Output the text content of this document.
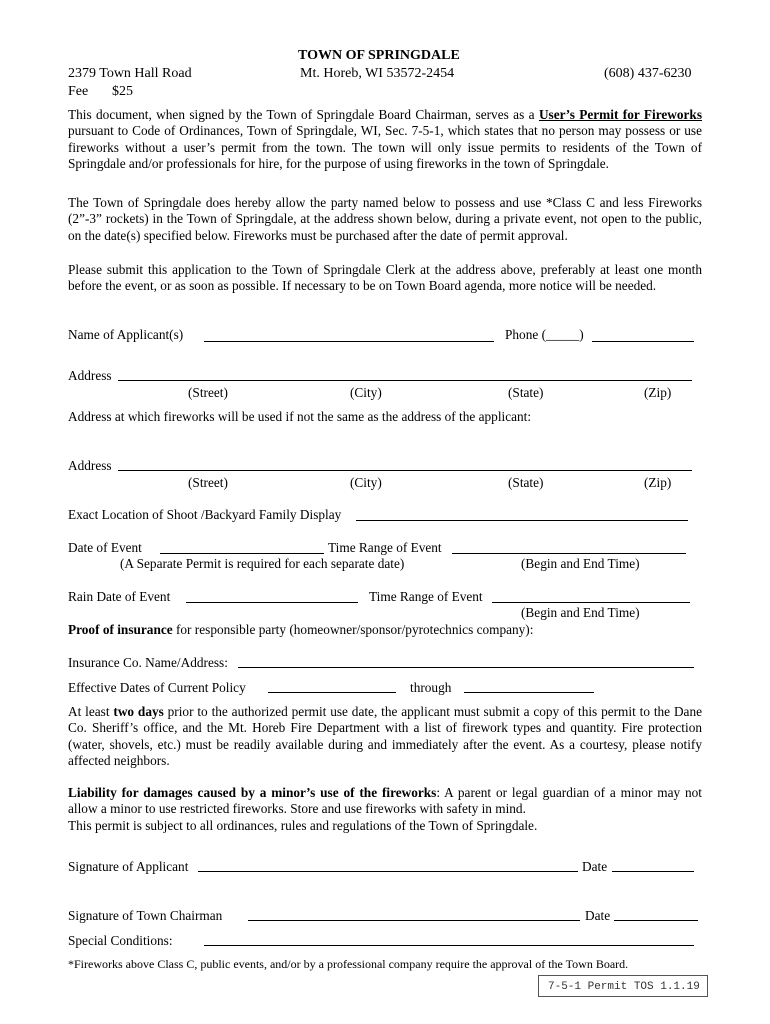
TOWN OF SPRINGDALE
2379 Town Hall Road	Mt. Horeb, WI 53572-2454	(608) 437-6230
Fee $25
This document, when signed by the Town of Springdale Board Chairman, serves as a User’s Permit for Fireworks pursuant to Code of Ordinances, Town of Springdale, WI, Sec. 7-5-1, which states that no person may possess or use fireworks without a user’s permit from the town. The town will only issue permits to residents of the Town of Springdale and/or professionals for hire, for the purpose of using fireworks in the town of Springdale.
The Town of Springdale does hereby allow the party named below to possess and use *Class C and less Fireworks (2”-3” rockets) in the Town of Springdale, at the address shown below, during a private event, not open to the public, on the date(s) specified below. Fireworks must be purchased after the date of permit approval.
Please submit this application to the Town of Springdale Clerk at the address above, preferably at least one month before the event, or as soon as possible. If necessary to be on Town Board agenda, more notice will be needed.
Name of Applicant(s)	Phone (_____)
Address
(Street)	(City)	(State)	(Zip)
Address at which fireworks will be used if not the same as the address of the applicant:
Address
(Street)	(City)	(State)	(Zip)
Exact Location of Shoot /Backyard Family Display
Date of Event	Time Range of Event
(A Separate Permit is required for each separate date)	(Begin and End Time)
Rain Date of Event	Time Range of Event
(Begin and End Time)
Proof of insurance for responsible party (homeowner/sponsor/pyrotechnics company):
Insurance Co. Name/Address:
Effective Dates of Current Policy	through
At least two days prior to the authorized permit use date, the applicant must submit a copy of this permit to the Dane Co. Sheriff’s office, and the Mt. Horeb Fire Department with a list of firework types and quantity. Fire protection (water, shovels, etc.) must be readily available during and immediately after the event. As a courtesy, please notify affected neighbors.
Liability for damages caused by a minor’s use of the fireworks: A parent or legal guardian of a minor may not allow a minor to use restricted fireworks. Store and use fireworks with safety in mind.
This permit is subject to all ordinances, rules and regulations of the Town of Springdale.
Signature of Applicant	Date
Signature of Town Chairman	Date
Special Conditions:
*Fireworks above Class C, public events, and/or by a professional company require the approval of the Town Board.
7-5-1 Permit TOS 1.1.19
